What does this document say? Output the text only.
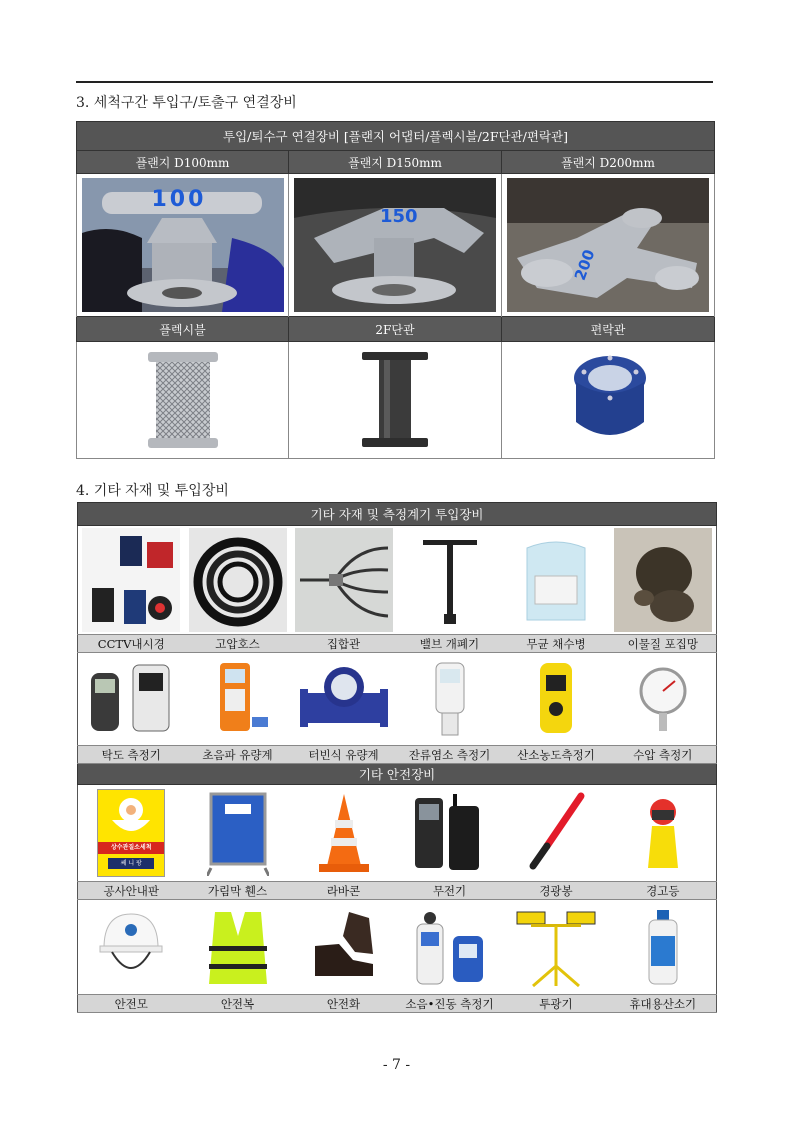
3. 세척구간 투입구/토출구 연결장비
투입/퇴수구 연결장비 [플랜지 어댑터/플렉시블/2F단관/편락관]		
플랜지 D100mm	플랜지 D150mm	플랜지 D200mm

100	150	200

플렉시블	2F단관	편락관

4. 기타 자재 및 투입장비
기타 자재 및 측정계기 투입장비					

CCTV내시경	고압호스	집합관	밸브 개폐기	무균 채수병	이물질 포집망

탁도 측정기	초음파 유량계	터빈식 유량계	잔류염소 측정기	산소농도측정기	수압 측정기
기타 안전장비					

상수관질소세척
쎄 니 팡

공사안내판	가림막 휀스	라바콘	무전기	경광봉	경고등

안전모	안전복	안전화	소음•진동 측정기	투광기	휴대용산소기
- 7 -
